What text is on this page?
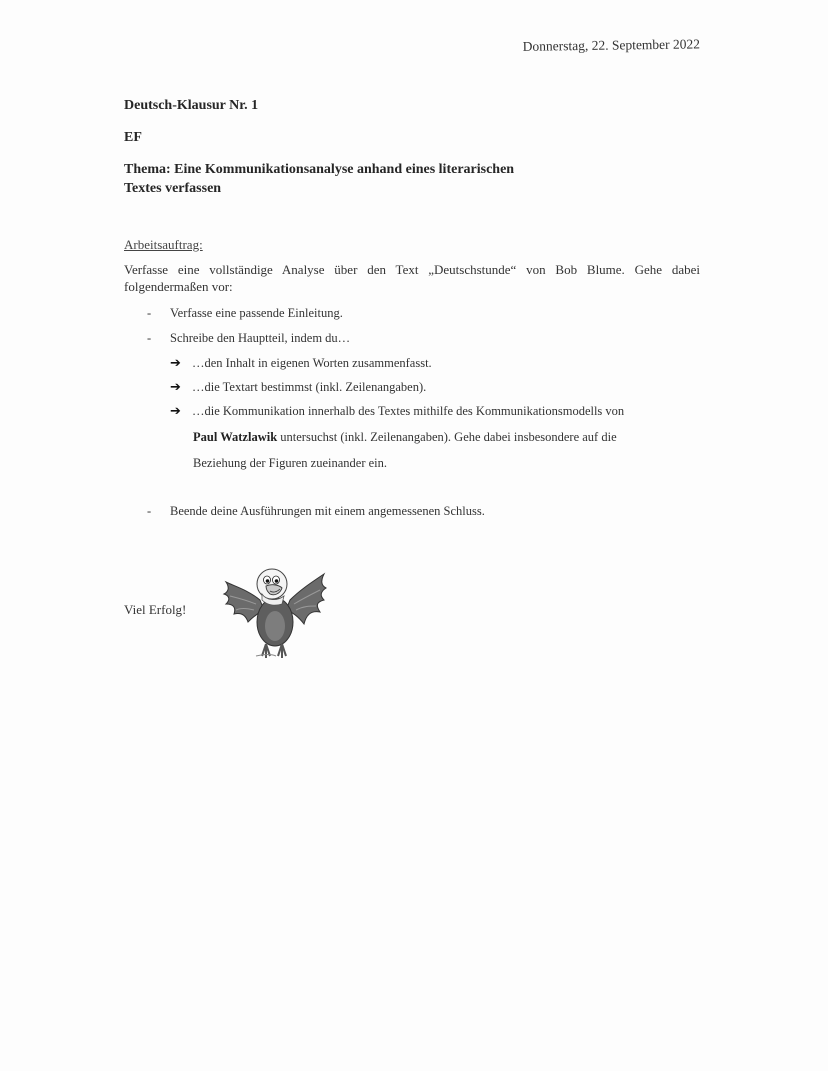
Donnerstag, 22. September 2022
Deutsch-Klausur Nr. 1
EF
Thema: Eine Kommunikationsanalyse anhand eines literarischen
Textes verfassen
Arbeitsauftrag:
Verfasse eine vollständige Analyse über den Text „Deutschstunde“ von Bob Blume. Gehe dabei folgendermaßen vor:
- Verfasse eine passende Einleitung.
- Schreibe den Hauptteil, indem du…
➔ …den Inhalt in eigenen Worten zusammenfasst.
➔ …die Textart bestimmst (inkl. Zeilenangaben).
➔ …die Kommunikation innerhalb des Textes mithilfe des Kommunikationsmodells von
Paul Watzlawik untersuchst (inkl. Zeilenangaben). Gehe dabei insbesondere auf die
Beziehung der Figuren zueinander ein.
- Beende deine Ausführungen mit einem angemessenen Schluss.
Viel Erfolg!
